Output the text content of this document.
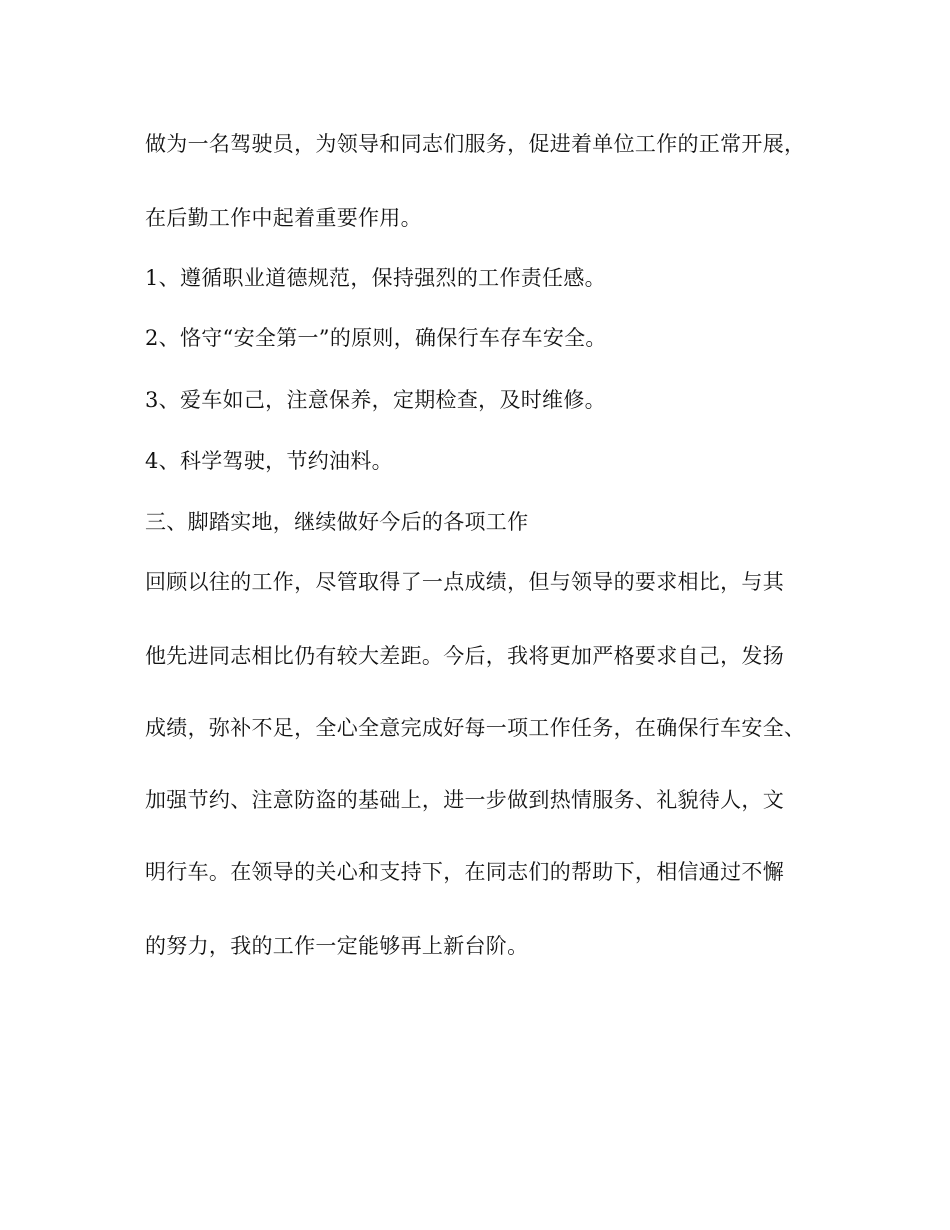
做为一名驾驶员，为领导和同志们服务，促进着单位工作的正常开展，
在后勤工作中起着重要作用。
1、遵循职业道德规范，保持强烈的工作责任感。
2、恪守“安全第一”的原则，确保行车存车安全。
3、爱车如己，注意保养，定期检查，及时维修。
4、科学驾驶，节约油料。
三、脚踏实地，继续做好今后的各项工作
回顾以往的工作，尽管取得了一点成绩，但与领导的要求相比，与其
他先进同志相比仍有较大差距。今后，我将更加严格要求自己，发扬
成绩，弥补不足，全心全意完成好每一项工作任务，在确保行车安全、
加强节约、注意防盗的基础上，进一步做到热情服务、礼貌待人，文
明行车。在领导的关心和支持下，在同志们的帮助下，相信通过不懈
的努力，我的工作一定能够再上新台阶。
